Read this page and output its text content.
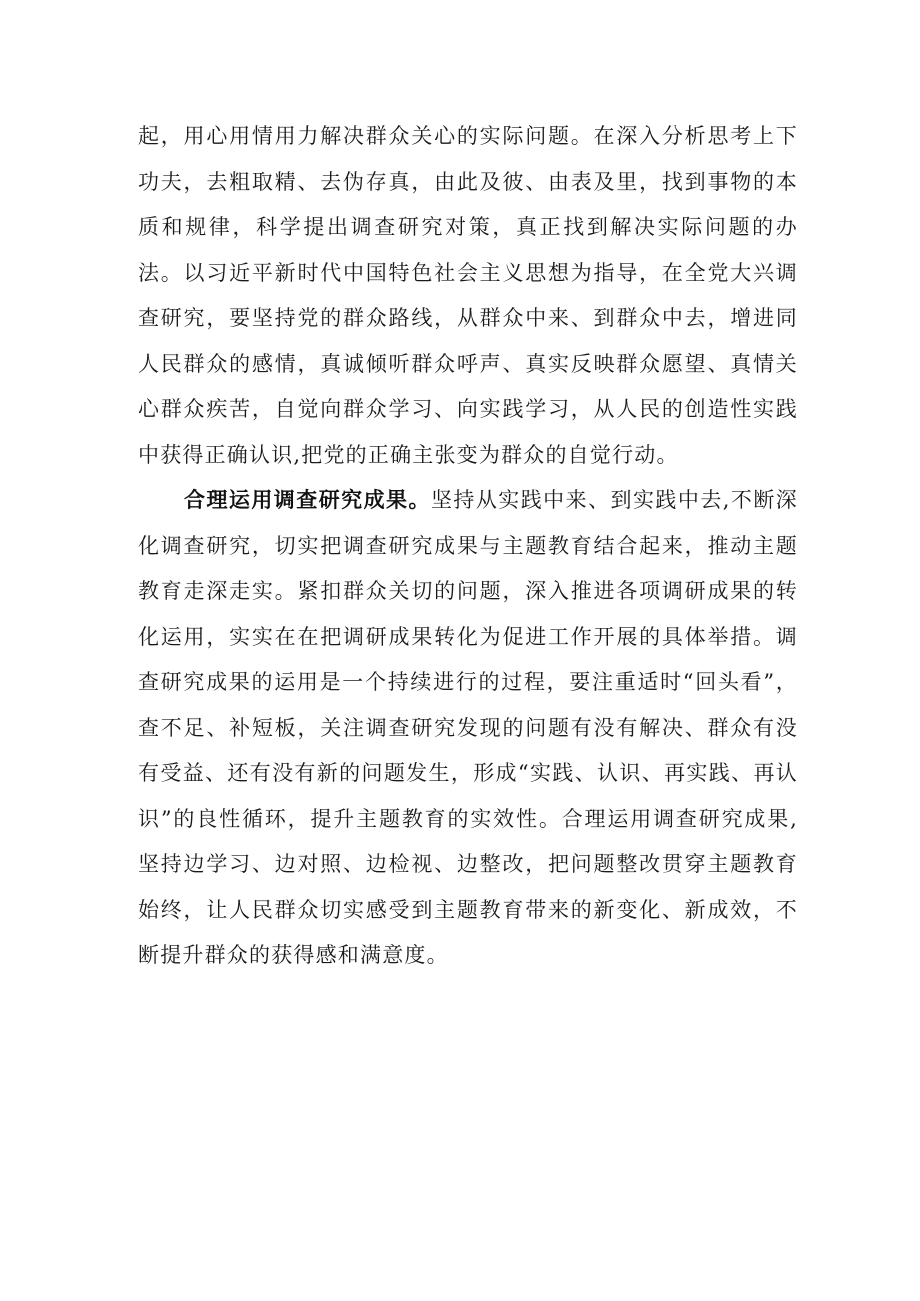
起，用心用情用力解决群众关心的实际问题。在深入分析思考上下功夫，去粗取精、去伪存真，由此及彼、由表及里，找到事物的本质和规律，科学提出调查研究对策，真正找到解决实际问题的办法。以习近平新时代中国特色社会主义思想为指导，在全党大兴调查研究，要坚持党的群众路线，从群众中来、到群众中去，增进同人民群众的感情，真诚倾听群众呼声、真实反映群众愿望、真情关心群众疾苦，自觉向群众学习、向实践学习，从人民的创造性实践中获得正确认识,把党的正确主张变为群众的自觉行动。

合理运用调查研究成果。坚持从实践中来、到实践中去,不断深化调查研究，切实把调查研究成果与主题教育结合起来，推动主题教育走深走实。紧扣群众关切的问题，深入推进各项调研成果的转化运用，实实在在把调研成果转化为促进工作开展的具体举措。调查研究成果的运用是一个持续进行的过程，要注重适时“回头看”，查不足、补短板，关注调查研究发现的问题有没有解决、群众有没有受益、还有没有新的问题发生，形成“实践、认识、再实践、再认识”的良性循环，提升主题教育的实效性。合理运用调查研究成果,坚持边学习、边对照、边检视、边整改，把问题整改贯穿主题教育始终，让人民群众切实感受到主题教育带来的新变化、新成效，不断提升群众的获得感和满意度。
